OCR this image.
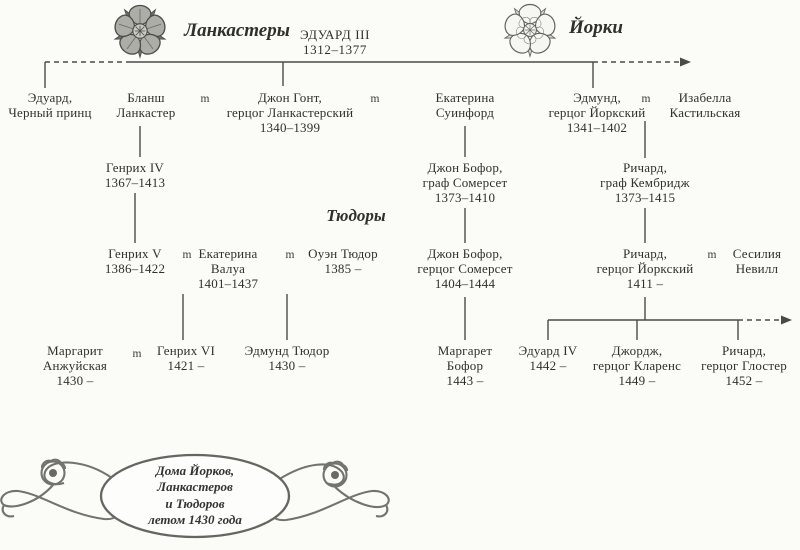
Ланкастеры	Йорки
ЭДУАРД III
1312–1377
Тюдоры
Эдуард,
Черный принц
Бланш
Ланкастер
Джон Гонт,
герцог Ланкастерский
1340–1399
Екатерина
Суинфорд
Эдмунд,
герцог Йоркский
1341–1402
Изабелла
Кастильская
Генрих IV
1367–1413
Джон Бофор,
граф Сомерсет
1373–1410
Ричард,
граф Кембридж
1373–1415
Генрих V
1386–1422
Екатерина
Валуа
1401–1437
Оуэн Тюдор
1385 –
Джон Бофор,
герцог Сомерсет
1404–1444
Ричард,
герцог Йоркский
1411 –
Сесилия
Невилл
Маргарит
Анжуйская
1430 –
Генрих VI
1421 –
Эдмунд Тюдор
1430 –
Маргарет
Бофор
1443 –
Эдуард IV
1442 –
Джордж,
герцог Кларенс
1449 –
Ричард,
герцог Глостер
1452 –
m	m	m
m	m	m
m
Дома Йорков,
Ланкастеров
и Тюдоров
летом 1430 года
